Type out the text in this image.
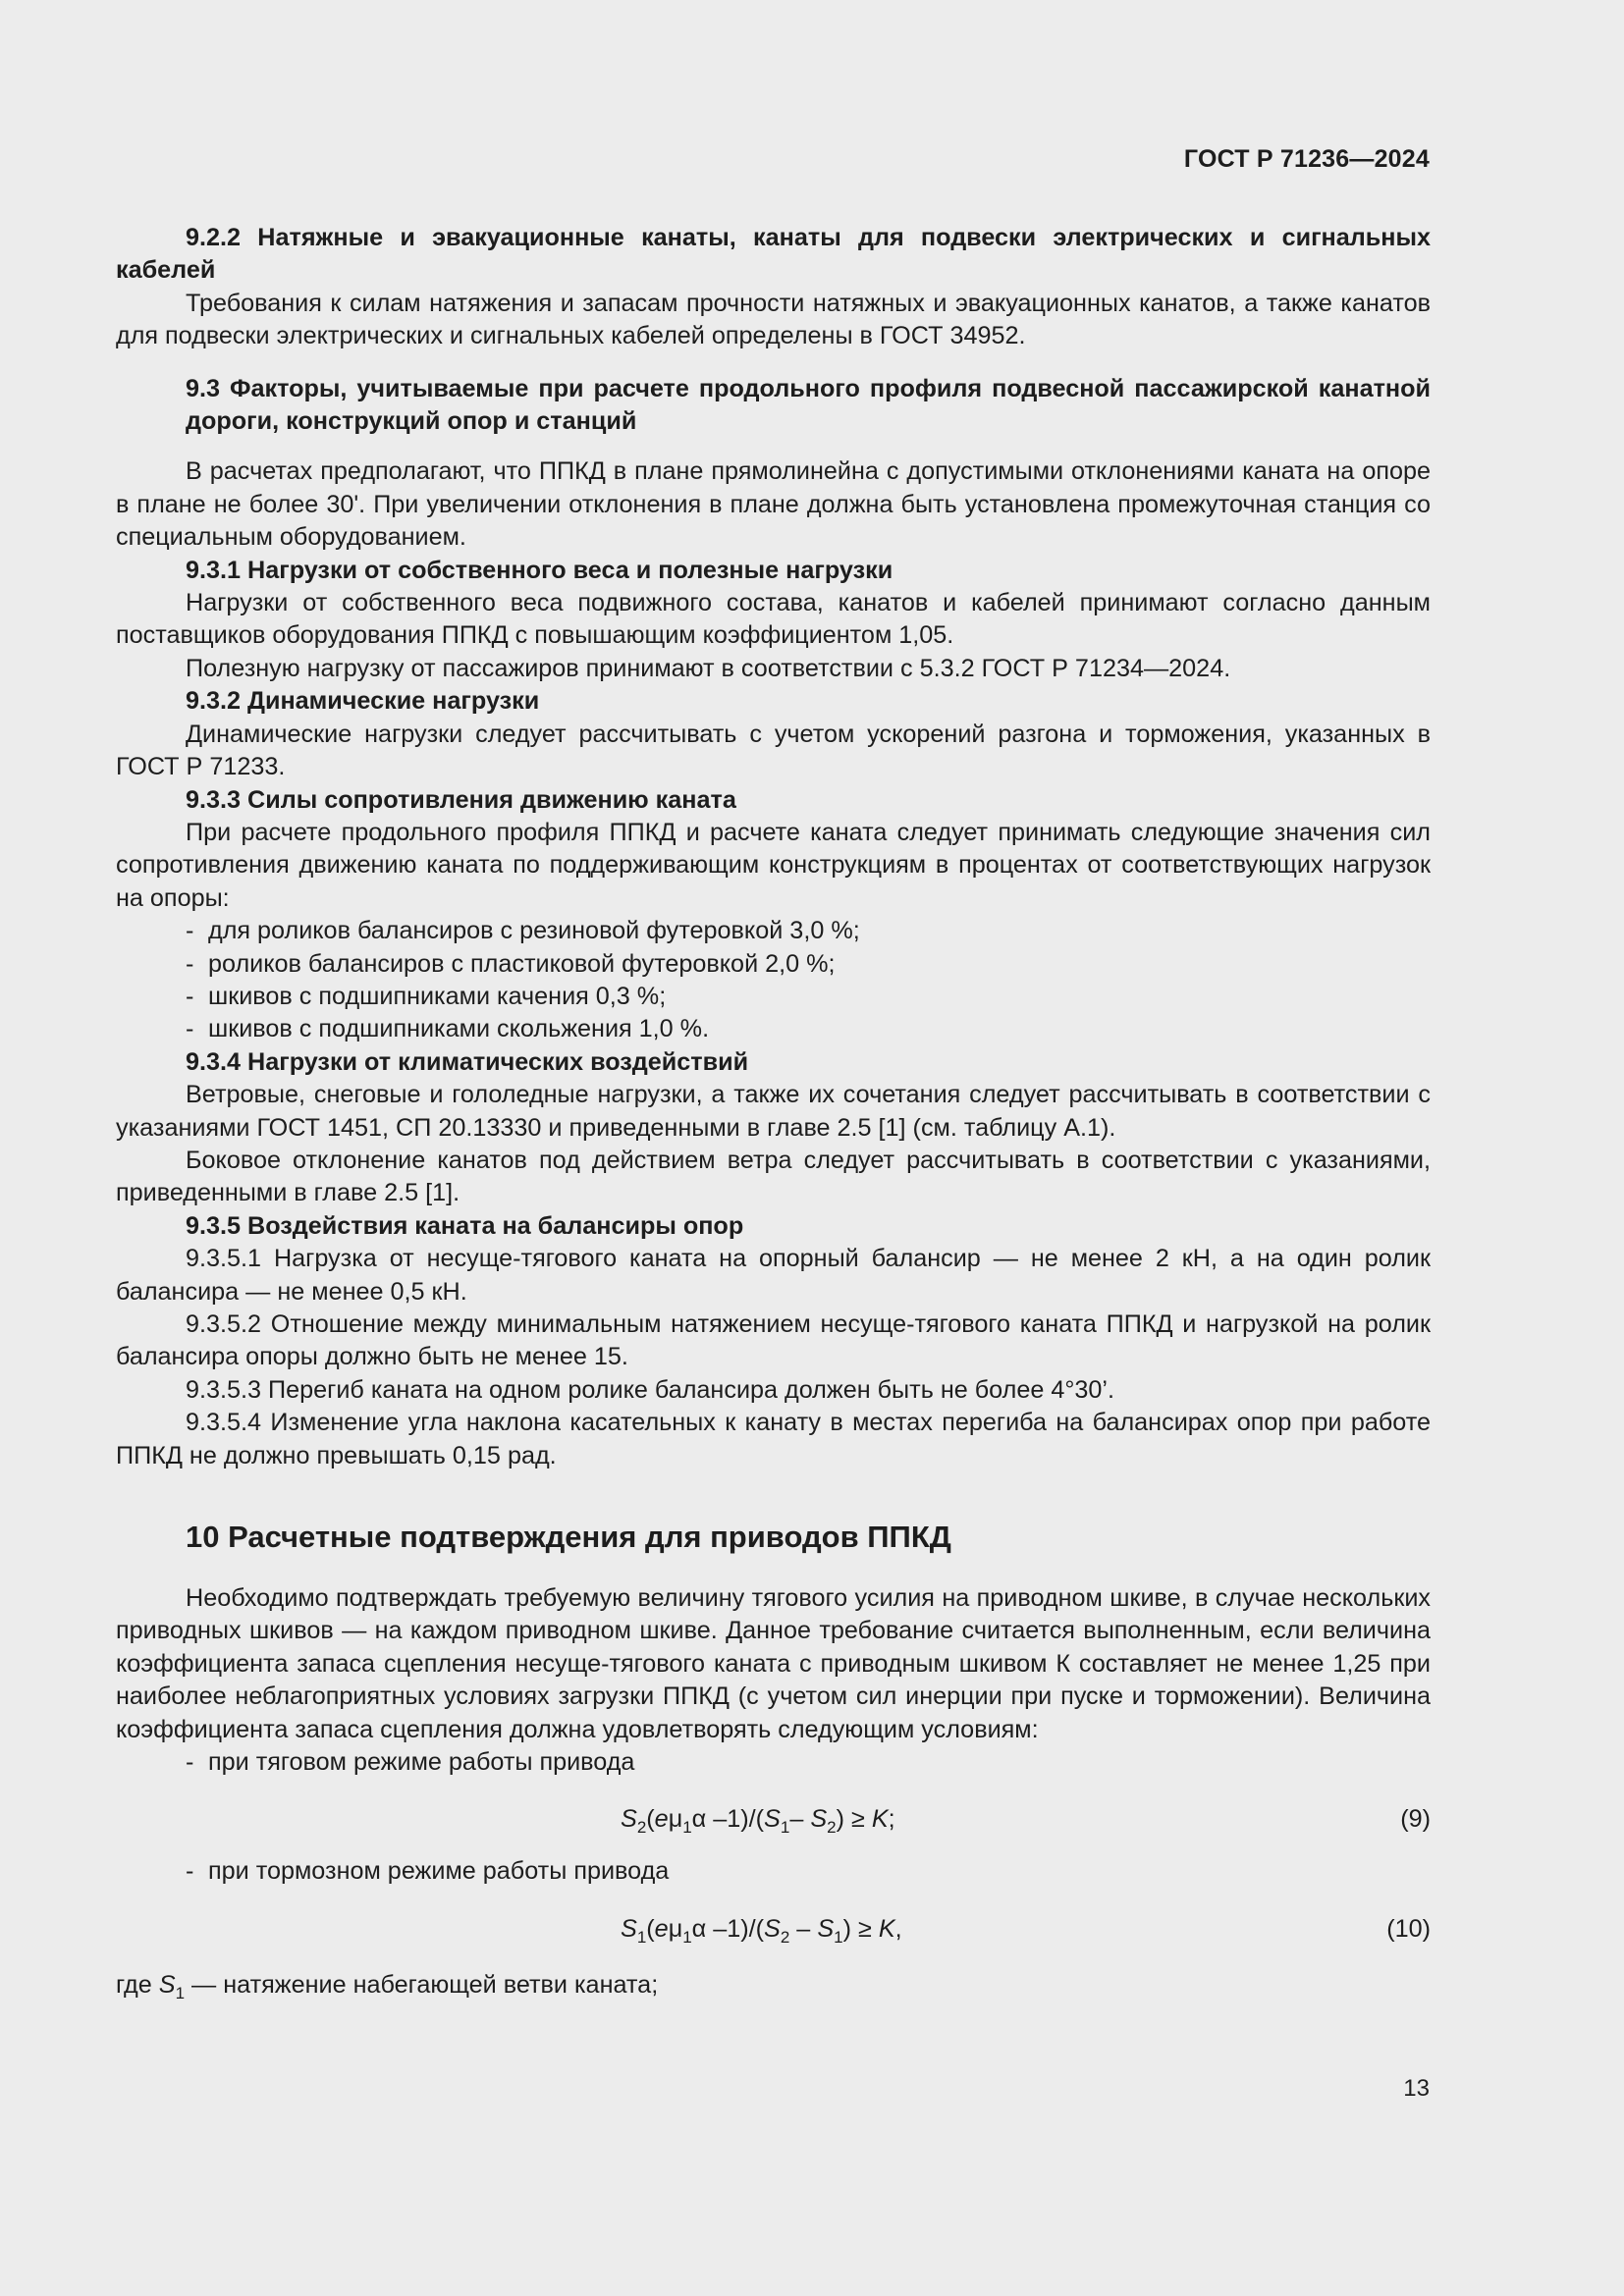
ГОСТ Р 71236—2024

9.2.2 Натяжные и эвакуационные канаты, канаты для подвески электрических и сигнальных кабелей

Требования к силам натяжения и запасам прочности натяжных и эвакуационных канатов, а также канатов для подвески электрических и сигнальных кабелей определены в ГОСТ 34952.

9.3 Факторы, учитываемые при расчете продольного профиля подвесной пассажирской канатной дороги, конструкций опор и станций

В расчетах предполагают, что ППКД в плане прямолинейна с допустимыми отклонениями каната на опоре в плане не более 30'. При увеличении отклонения в плане должна быть установлена промежуточная станция со специальным оборудованием.

9.3.1 Нагрузки от собственного веса и полезные нагрузки

Нагрузки от собственного веса подвижного состава, канатов и кабелей принимают согласно данным поставщиков оборудования ППКД с повышающим коэффициентом 1,05.

Полезную нагрузку от пассажиров принимают в соответствии с 5.3.2 ГОСТ Р 71234—2024.

9.3.2 Динамические нагрузки

Динамические нагрузки следует рассчитывать с учетом ускорений разгона и торможения, указанных в ГОСТ Р 71233.

9.3.3 Силы сопротивления движению каната

При расчете продольного профиля ППКД и расчете каната следует принимать следующие значения сил сопротивления движению каната по поддерживающим конструкциям в процентах от соответствующих нагрузок на опоры:

- для роликов балансиров с резиновой футеровкой 3,0 %;
- роликов балансиров с пластиковой футеровкой 2,0 %;
- шкивов с подшипниками качения 0,3 %;
- шкивов с подшипниками скольжения 1,0 %.

9.3.4 Нагрузки от климатических воздействий

Ветровые, снеговые и гололедные нагрузки, а также их сочетания следует рассчитывать в соответствии с указаниями ГОСТ 1451, СП 20.13330 и приведенными в главе 2.5 [1] (см. таблицу А.1).

Боковое отклонение канатов под действием ветра следует рассчитывать в соответствии с указаниями, приведенными в главе 2.5 [1].

9.3.5 Воздействия каната на балансиры опор

9.3.5.1 Нагрузка от несуще-тягового каната на опорный балансир — не менее 2 кН, а на один ролик балансира — не менее 0,5 кН.

9.3.5.2 Отношение между минимальным натяжением несуще-тягового каната ППКД и нагрузкой на ролик балансира опоры должно быть не менее 15.

9.3.5.3 Перегиб каната на одном ролике балансира должен быть не более 4°30’.

9.3.5.4 Изменение угла наклона касательных к канату в местах перегиба на балансирах опор при работе ППКД не должно превышать 0,15 рад.

10 Расчетные подтверждения для приводов ППКД

Необходимо подтверждать требуемую величину тягового усилия на приводном шкиве, в случае нескольких приводных шкивов — на каждом приводном шкиве. Данное требование считается выполненным, если величина коэффициента запаса сцепления несуще-тягового каната с приводным шкивом К составляет не менее 1,25 при наиболее неблагоприятных условиях загрузки ППКД (с учетом сил инерции при пуске и торможении). Величина коэффициента запаса сцепления должна удовлетворять следующим условиям:

- при тяговом режиме работы привода
$S_2(e\mu_1\alpha$ $-1)/(S_1-$ $S_2) \ge K$;	(9)
- при тормозном режиме работы привода
$S_1(e\mu_1\alpha$ $-1)/(S_2 - S_1) \ge K$,	(10)

где $S_1$ — натяжение набегающей ветви каната;

13
